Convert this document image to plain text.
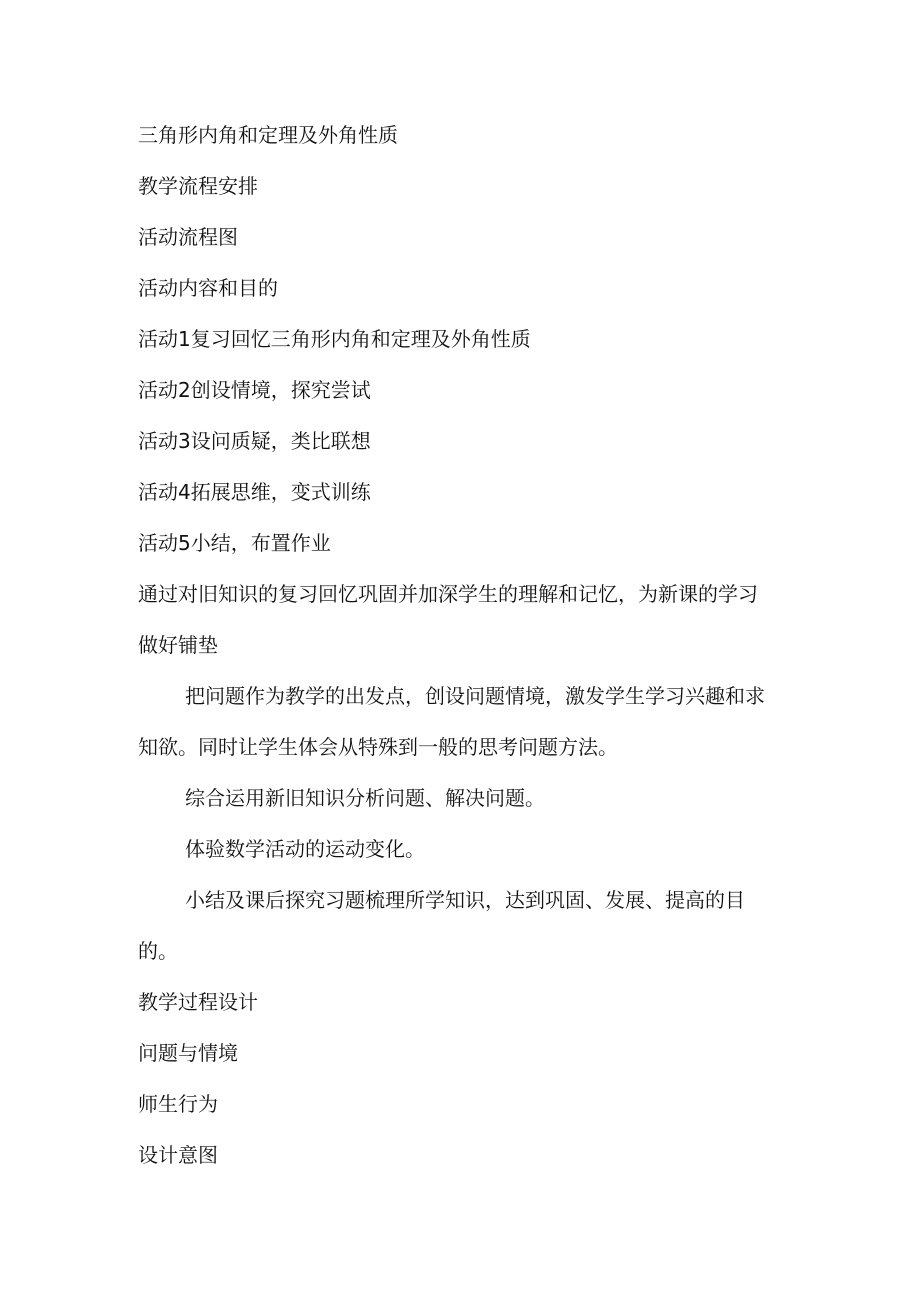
三角形内角和定理及外角性质
教学流程安排
活动流程图
活动内容和目的
活动1复习回忆三角形内角和定理及外角性质
活动2创设情境，探究尝试
活动3设问质疑，类比联想
活动4拓展思维，变式训练
活动5小结，布置作业
通过对旧知识的复习回忆巩固并加深学生的理解和记忆，为新课的学习
做好铺垫
把问题作为教学的出发点，创设问题情境，激发学生学习兴趣和求
知欲。同时让学生体会从特殊到一般的思考问题方法。
综合运用新旧知识分析问题、解决问题。
体验数学活动的运动变化。
小结及课后探究习题梳理所学知识，达到巩固、发展、提高的目
的。
教学过程设计
问题与情境
师生行为
设计意图
